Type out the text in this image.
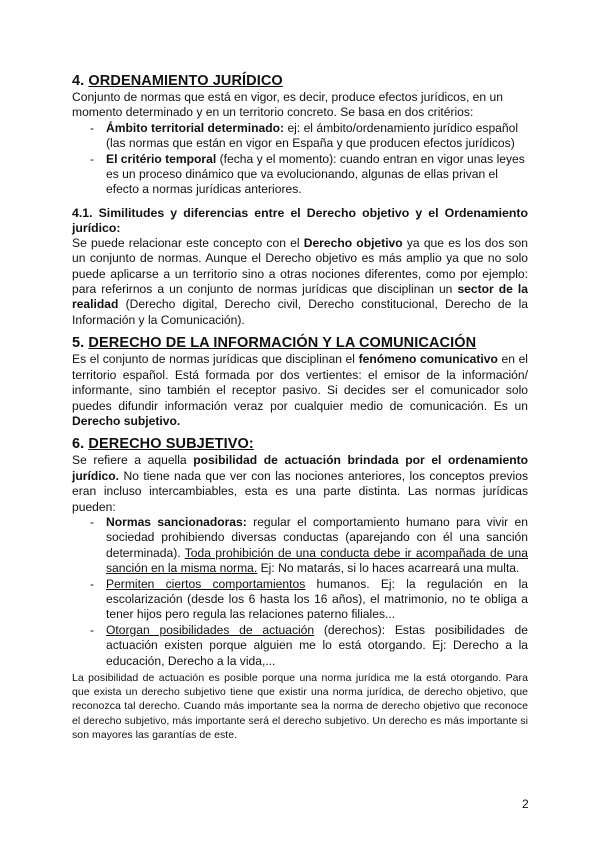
4. ORDENAMIENTO JURÍDICO

Conjunto de normas que está en vigor, es decir, produce efectos jurídicos, en un momento determinado y en un territorio concreto. Se basa en dos critérios:

- Ámbito territorial determinado: ej: el ámbito/ordenamiento jurídico español (las normas que están en vigor en España y que producen efectos jurídicos)
- El critério temporal (fecha y el momento): cuando entran en vigor unas leyes es un proceso dinámico que va evolucionando, algunas de ellas privan el efecto a normas jurídicas anteriores.
4.1. Similitudes y diferencias entre el Derecho objetivo y el Ordenamiento jurídico:

Se puede relacionar este concepto con el Derecho objetivo ya que es los dos son un conjunto de normas. Aunque el Derecho objetivo es más amplio ya que no solo puede aplicarse a un territorio sino a otras nociones diferentes, como por ejemplo: para referirnos a un conjunto de normas jurídicas que disciplinan un sector de la realidad (Derecho digital, Derecho civil, Derecho constitucional, Derecho de la Información y la Comunicación).

5. DERECHO DE LA INFORMACIÓN Y LA COMUNICACIÓN

Es el conjunto de normas jurídicas que disciplinan el fenómeno comunicativo en el territorio español. Está formada por dos vertientes: el emisor de la información/ informante, sino también el receptor pasivo. Si decides ser el comunicador solo puedes difundir información veraz por cualquier medio de comunicación. Es un Derecho subjetivo.

6. DERECHO SUBJETIVO:

Se refiere a aquella posibilidad de actuación brindada por el ordenamiento jurídico. No tiene nada que ver con las nociones anteriores, los conceptos previos eran incluso intercambiables, esta es una parte distinta. Las normas jurídicas pueden:

- Normas sancionadoras: regular el comportamiento humano para vivir en sociedad prohibiendo diversas conductas (aparejando con él una sanción determinada). Toda prohibición de una conducta debe ir acompañada de una sanción en la misma norma. Ej: No matarás, si lo haces acarreará una multa.
- Permiten ciertos comportamientos humanos. Ej: la regulación en la escolarización (desde los 6 hasta los 16 años), el matrimonio, no te obliga a tener hijos pero regula las relaciones paterno filiales...
- Otorgan posibilidades de actuación (derechos): Estas posibilidades de actuación existen porque alguien me lo está otorgando. Ej: Derecho a la educación, Derecho a la vida,...

La posibilidad de actuación es posible porque una norma jurídica me la está otorgando. Para que exista un derecho subjetivo tiene que existir una norma jurídica, de derecho objetivo, que reconozca tal derecho. Cuando más importante sea la norma de derecho objetivo que reconoce el derecho subjetivo, más importante será el derecho subjetivo. Un derecho es más importante si son mayores las garantías de este.

2
